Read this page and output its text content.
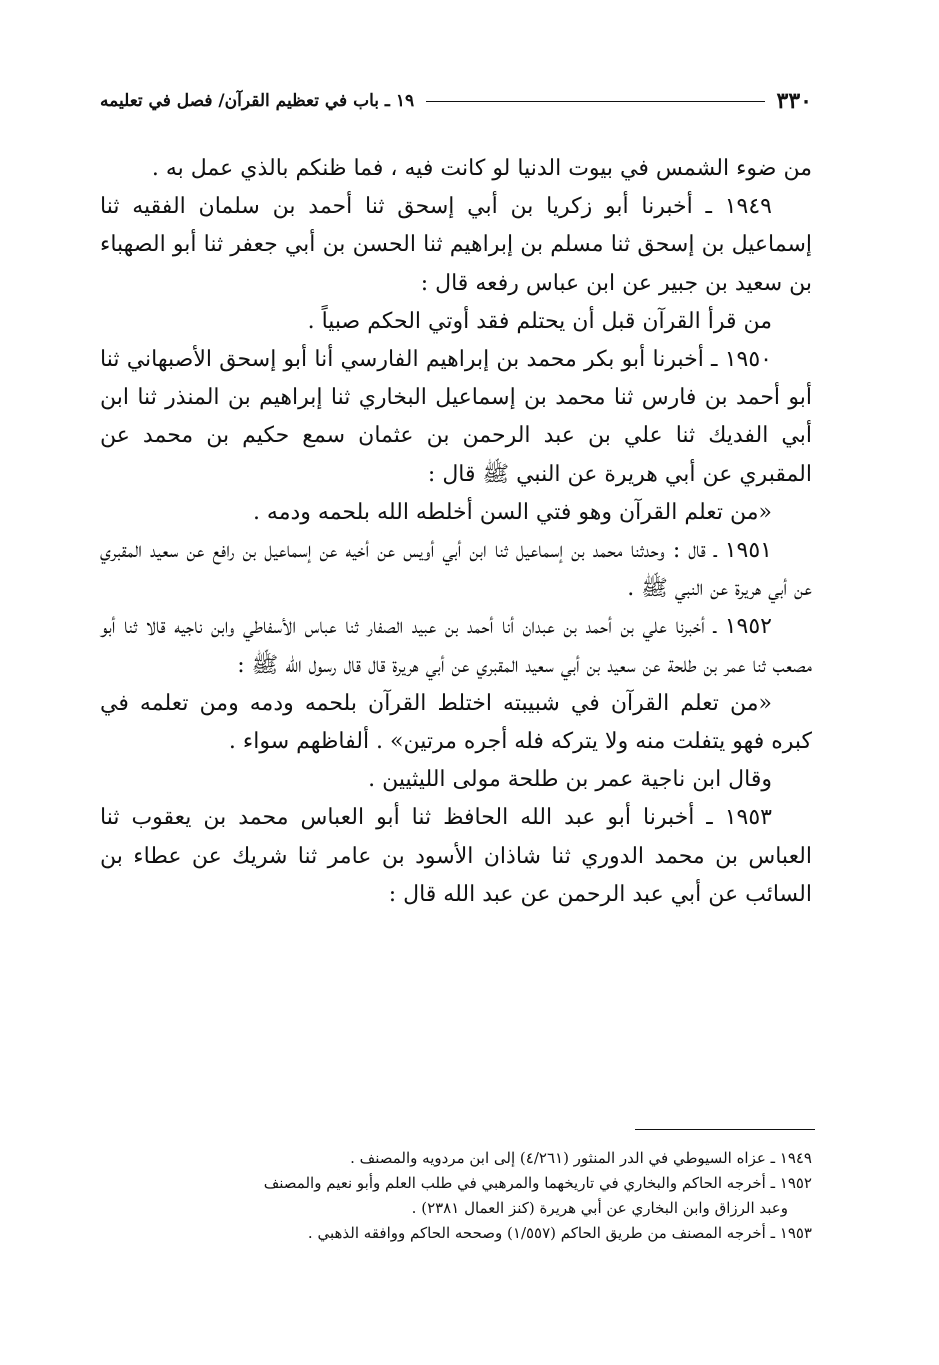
٣٣٠
١٩ ـ باب في تعظيم القرآن/ فصل في تعليمه

من ضوء الشمس في بيوت الدنيا لو كانت فيه ، فما ظنكم بالذي عمل به .

١٩٤٩ ـ أخبرنا أبو زكريا بن أبي إسحق ثنا أحمد بن سلمان الفقيه ثنا إسماعيل بن إسحق ثنا مسلم بن إبراهيم ثنا الحسن بن أبي جعفر ثنا أبو الصهباء بن سعيد بن جبير عن ابن عباس رفعه قال :

من قرأ القرآن قبل أن يحتلم فقد أوتي الحكم صبياً .

١٩٥٠ ـ أخبرنا أبو بكر محمد بن إبراهيم الفارسي أنا أبو إسحق الأصبهاني ثنا أبو أحمد بن فارس ثنا محمد بن إسماعيل البخاري ثنا إبراهيم بن المنذر ثنا ابن أبي الفديك ثنا علي بن عبد الرحمن بن عثمان سمع حكيم بن محمد عن المقبري عن أبي هريرة عن النبي ﷺ قال :

«من تعلم القرآن وهو فتي السن أخلطه الله بلحمه ودمه .

١٩٥١ ـ قال : وحدثنا محمد بن إسماعيل ثنا ابن أبي أويس عن أخيه عن إسماعيل بن رافع عن سعيد المقبري عن أبي هريرة عن النبي ﷺ .

١٩٥٢ ـ أخبرنا علي بن أحمد بن عبدان أنا أحمد بن عبيد الصفار ثنا عباس الأسفاطي وابن ناجيه قالا ثنا أبو مصعب ثنا عمر بن طلحة عن سعيد بن أبي سعيد المقبري عن أبي هريرة قال قال رسول الله ﷺ :

«من تعلم القرآن في شبيبته اختلط القرآن بلحمه ودمه ومن تعلمه في كبره فهو يتفلت منه ولا يتركه فله أجره مرتين» . ألفاظهم سواء .

وقال ابن ناجية عمر بن طلحة مولى الليثيين .

١٩٥٣ ـ أخبرنا أبو عبد الله الحافظ ثنا أبو العباس محمد بن يعقوب ثنا العباس بن محمد الدوري ثنا شاذان الأسود بن عامر ثنا شريك عن عطاء بن السائب عن أبي عبد الرحمن عن عبد الله قال :

١٩٤٩ ـ عزاه السيوطي في الدر المنثور (٤/٢٦١) إلى ابن مردويه والمصنف .

١٩٥٢ ـ أخرجه الحاكم والبخاري في تاريخهما والمرهبي في طلب العلم وأبو نعيم والمصنف

وعبد الرزاق وابن البخاري عن أبي هريرة (كنز العمال ٢٣٨١) .

١٩٥٣ ـ أخرجه المصنف من طريق الحاكم (١/٥٥٧) وصححه الحاكم ووافقه الذهبي .
